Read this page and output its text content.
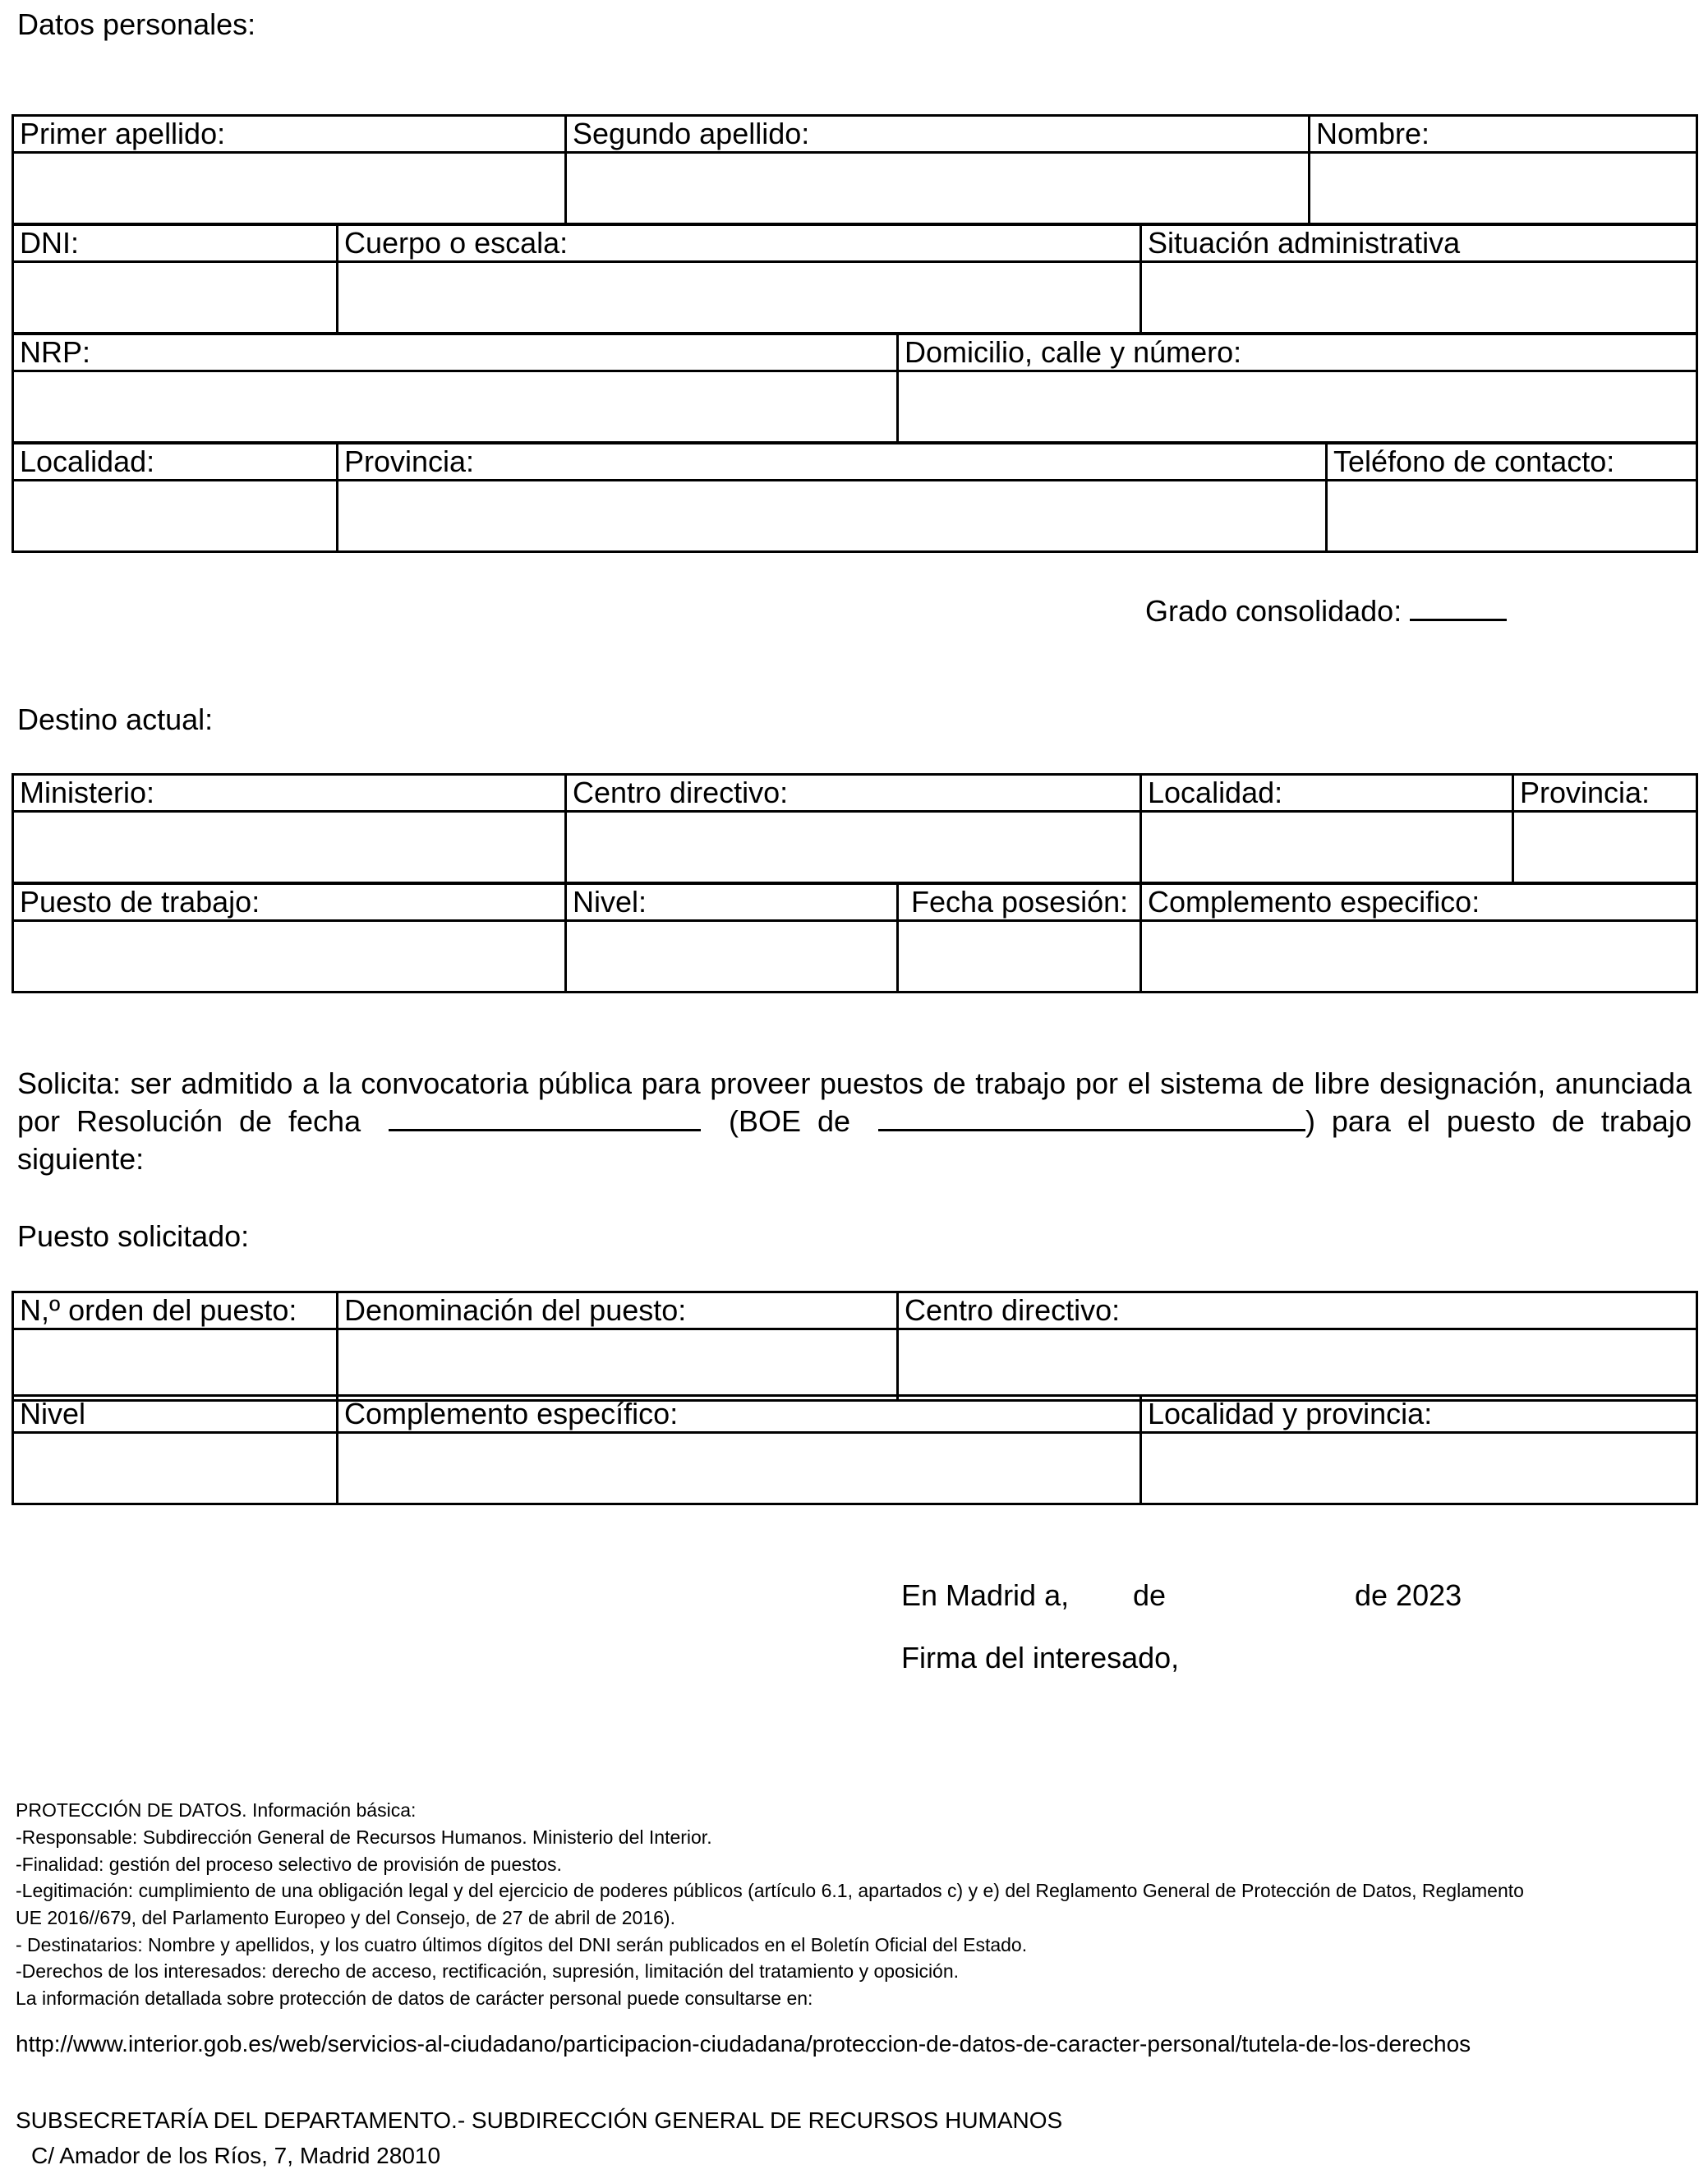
Datos personales:
Primer apellido:	Segundo apellido:	Nombre:

DNI:	Cuerpo o escala:	Situación administrativa

NRP:	Domicilio, calle y número:

Localidad:	Provincia:	Teléfono de contacto:

Grado consolidado:
Destino actual:
Ministerio:	Centro directivo:	Localidad:	Provincia:

Puesto de trabajo:	Nivel:	Fecha posesión:	Complemento especifico:

Solicita: ser admitido a la convocatoria pública para proveer puestos de trabajo por el sistema de libre designación, anunciada por Resolución de fecha	(BOE de	) para el puesto de trabajo siguiente:
Puesto solicitado:
N,º orden del puesto:	Denominación del puesto:	Centro directivo:

Nivel	Complemento específico:	Localidad y provincia:

En Madrid a, de	de 2023
Firma del interesado,
PROTECCIÓN DE DATOS. Información básica:
-Responsable: Subdirección General de Recursos Humanos. Ministerio del Interior.
-Finalidad: gestión del proceso selectivo de provisión de puestos.
-Legitimación: cumplimiento de una obligación legal y del ejercicio de poderes públicos (artículo 6.1, apartados c) y e) del Reglamento General de Protección de Datos, Reglamento
UE 2016//679, del Parlamento Europeo y del Consejo, de 27 de abril de 2016).
- Destinatarios: Nombre y apellidos, y los cuatro últimos dígitos del DNI serán publicados en el Boletín Oficial del Estado.
-Derechos de los interesados: derecho de acceso, rectificación, supresión, limitación del tratamiento y oposición.
La información detallada sobre protección de datos de carácter personal puede consultarse en:
http://www.interior.gob.es/web/servicios-al-ciudadano/participacion-ciudadana/proteccion-de-datos-de-caracter-personal/tutela-de-los-derechos
SUBSECRETARÍA DEL DEPARTAMENTO.- SUBDIRECCIÓN GENERAL DE RECURSOS HUMANOS
C/ Amador de los Ríos, 7, Madrid 28010
